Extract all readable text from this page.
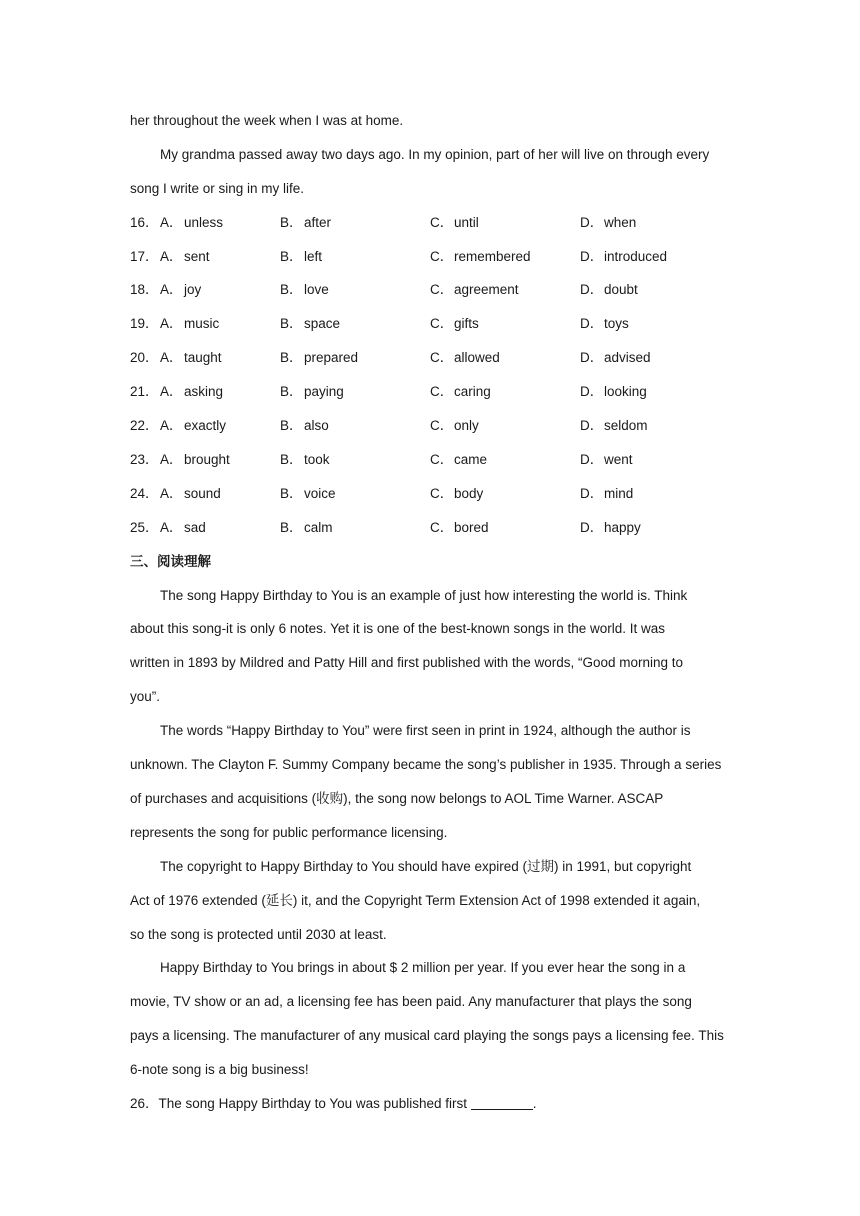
her throughout the week when I was at home.
My grandma passed away two days ago. In my opinion, part of her will live on through every
song I write or sing in my life.
16． A． unless	B． after	C． until	D． when
17． A． sent	B． left	C． remembered	D． introduced
18． A． joy	B． love	C． agreement	D． doubt
19． A． music	B． space	C． gifts	D． toys
20． A． taught	B． prepared	C． allowed	D． advised
21． A． asking	B． paying	C． caring	D． looking
22． A． exactly	B． also	C． only	D． seldom
23． A． brought	B． took	C． came	D． went
24． A． sound	B． voice	C． body	D． mind
25． A． sad	B． calm	C． bored	D． happy
三、阅读理解
The song Happy Birthday to You is an example of just how interesting the world is. Think
about this song-it is only 6 notes. Yet it is one of the best-known songs in the world. It was
written in 1893 by Mildred and Patty Hill and first published with the words, “Good morning to
you”.
The words “Happy Birthday to You” were first seen in print in 1924, although the author is
unknown. The Clayton F. Summy Company became the song’s publisher in 1935. Through a series
of purchases and acquisitions (收购), the song now belongs to AOL Time Warner. ASCAP
represents the song for public performance licensing.
The copyright to Happy Birthday to You should have expired (过期) in 1991, but copyright
Act of 1976 extended (延长) it, and the Copyright Term Extension Act of 1998 extended it again,
so the song is protected until 2030 at least.
Happy Birthday to You brings in about $ 2 million per year. If you ever hear the song in a
movie, TV show or an ad, a licensing fee has been paid. Any manufacturer that plays the song
pays a licensing. The manufacturer of any musical card playing the songs pays a licensing fee. This
6-note song is a big business!
26．The song Happy Birthday to You was published first	.
